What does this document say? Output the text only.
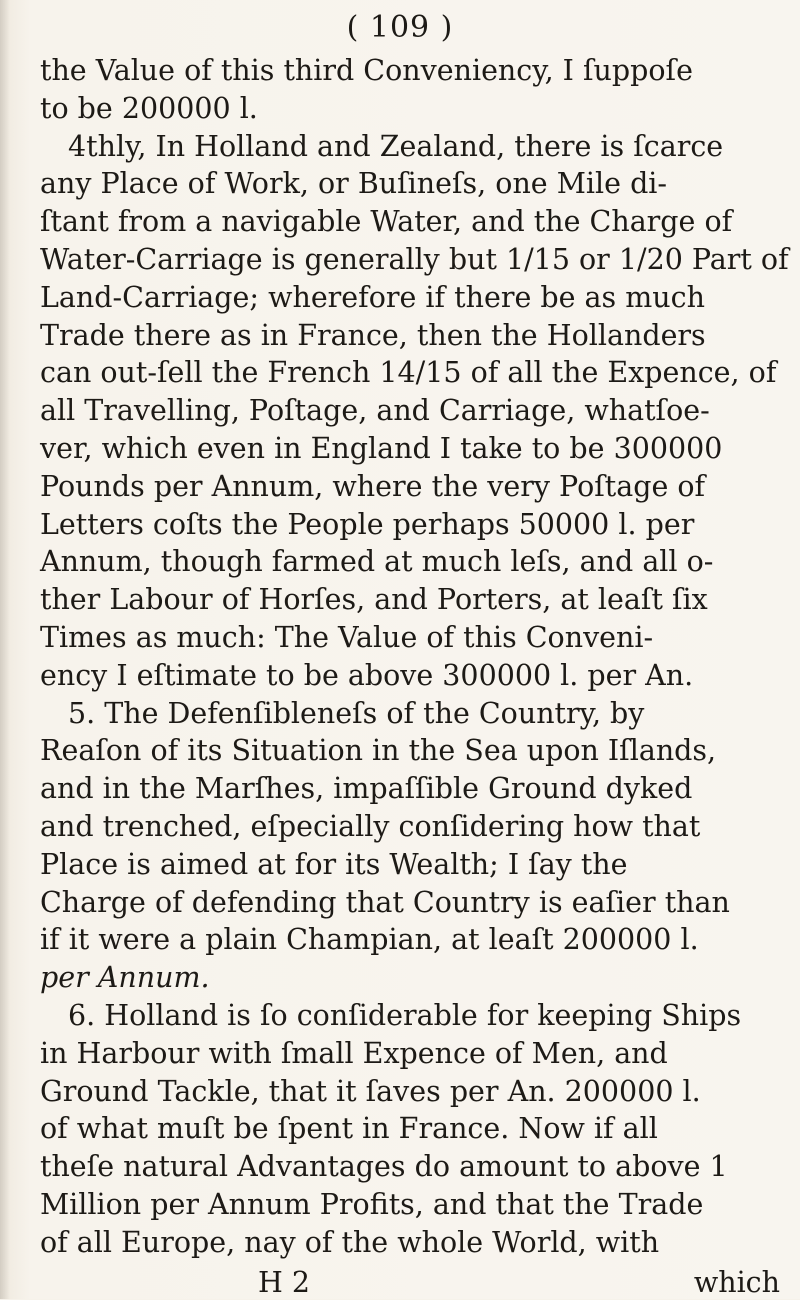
( 109 )
the Value of this third Conveniency, I ſuppoſe
to be 200000 l.
4thly, In Holland and Zealand, there is ſcarce
any Place of Work, or Buſineſs, one Mile di-
ſtant from a navigable Water, and the Charge of
Water-Carriage is generally but 1/15 or 1/20 Part of
Land-Carriage; wherefore if there be as much
Trade there as in France, then the Hollanders
can out-ſell the French 14/15 of all the Expence, of
all Travelling, Poſtage, and Carriage, whatſoe-
ver, which even in England I take to be 300000
Pounds per Annum, where the very Poſtage of
Letters coſts the People perhaps 50000 l. per
Annum, though farmed at much leſs, and all o-
ther Labour of Horſes, and Porters, at leaſt ſix
Times as much: The Value of this Conveni-
ency I eſtimate to be above 300000 l. per An.
5. The Defenſibleneſs of the Country, by
Reaſon of its Situation in the Sea upon Iſlands,
and in the Marſhes, impaſſible Ground dyked
and trenched, eſpecially conſidering how that
Place is aimed at for its Wealth; I ſay the
Charge of defending that Country is eaſier than
if it were a plain Champian, at leaſt 200000 l.
per Annum.
6. Holland is ſo conſiderable for keeping Ships
in Harbour with ſmall Expence of Men, and
Ground Tackle, that it ſaves per An. 200000 l.
of what muſt be ſpent in France. Now if all
theſe natural Advantages do amount to above 1
Million per Annum Profits, and that the Trade
of all Europe, nay of the whole World, with
H 2	which
